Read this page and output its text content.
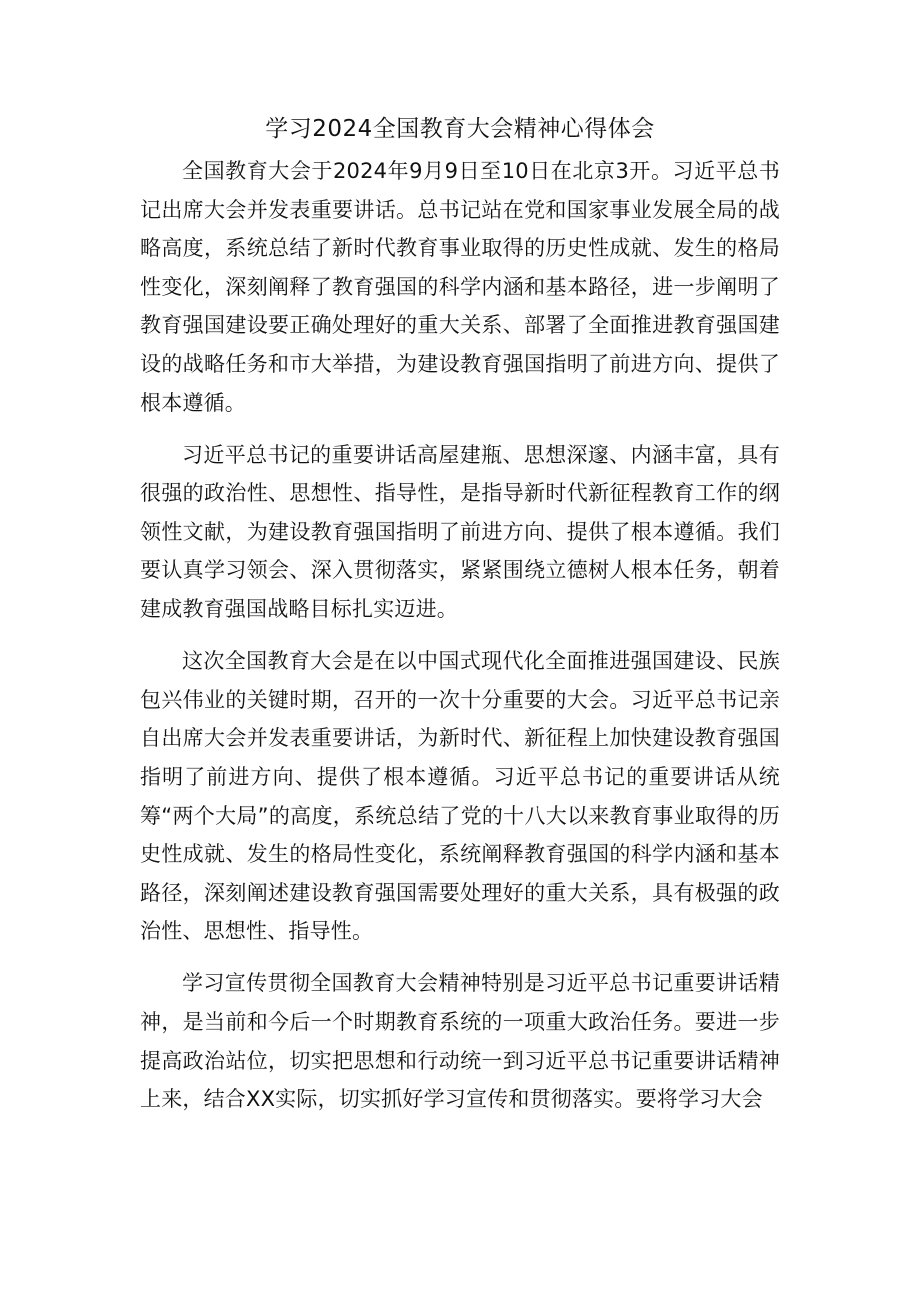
学习2024全国教育大会精神心得体会

全国教育大会于2024年9月9日至10日在北京3开。习近平总书记出席大会并发表重要讲话。总书记站在党和国家事业发展全局的战略高度，系统总结了新时代教育事业取得的历史性成就、发生的格局性变化，深刻阐释了教育强国的科学内涵和基本路径，进一步阐明了教育强国建设要正确处理好的重大关系、部署了全面推进教育强国建设的战略任务和市大举措，为建设教育强国指明了前进方向、提供了根本遵循。

习近平总书记的重要讲话高屋建瓶、思想深邃、内涵丰富，具有很强的政治性、思想性、指导性，是指导新时代新征程教育工作的纲领性文献，为建设教育强国指明了前进方向、提供了根本遵循。我们要认真学习领会、深入贯彻落实，紧紧围绕立德树人根本任务，朝着建成教育强国战略目标扎实迈进。

这次全国教育大会是在以中国式现代化全面推进强国建设、民族包兴伟业的关键时期，召开的一次十分重要的大会。习近平总书记亲自出席大会并发表重要讲话，为新时代、新征程上加快建设教育强国指明了前进方向、提供了根本遵循。习近平总书记的重要讲话从统筹“两个大局”的高度，系统总结了党的十八大以来教育事业取得的历史性成就、发生的格局性变化，系统阐释教育强国的科学内涵和基本路径，深刻阐述建设教育强国需要处理好的重大关系，具有极强的政治性、思想性、指导性。

学习宣传贯彻全国教育大会精神特别是习近平总书记重要讲话精神，是当前和今后一个时期教育系统的一项重大政治任务。要进一步提高政治站位，切实把思想和行动统一到习近平总书记重要讲话精神上来，结合XX实际，切实抓好学习宣传和贯彻落实。要将学习大会
